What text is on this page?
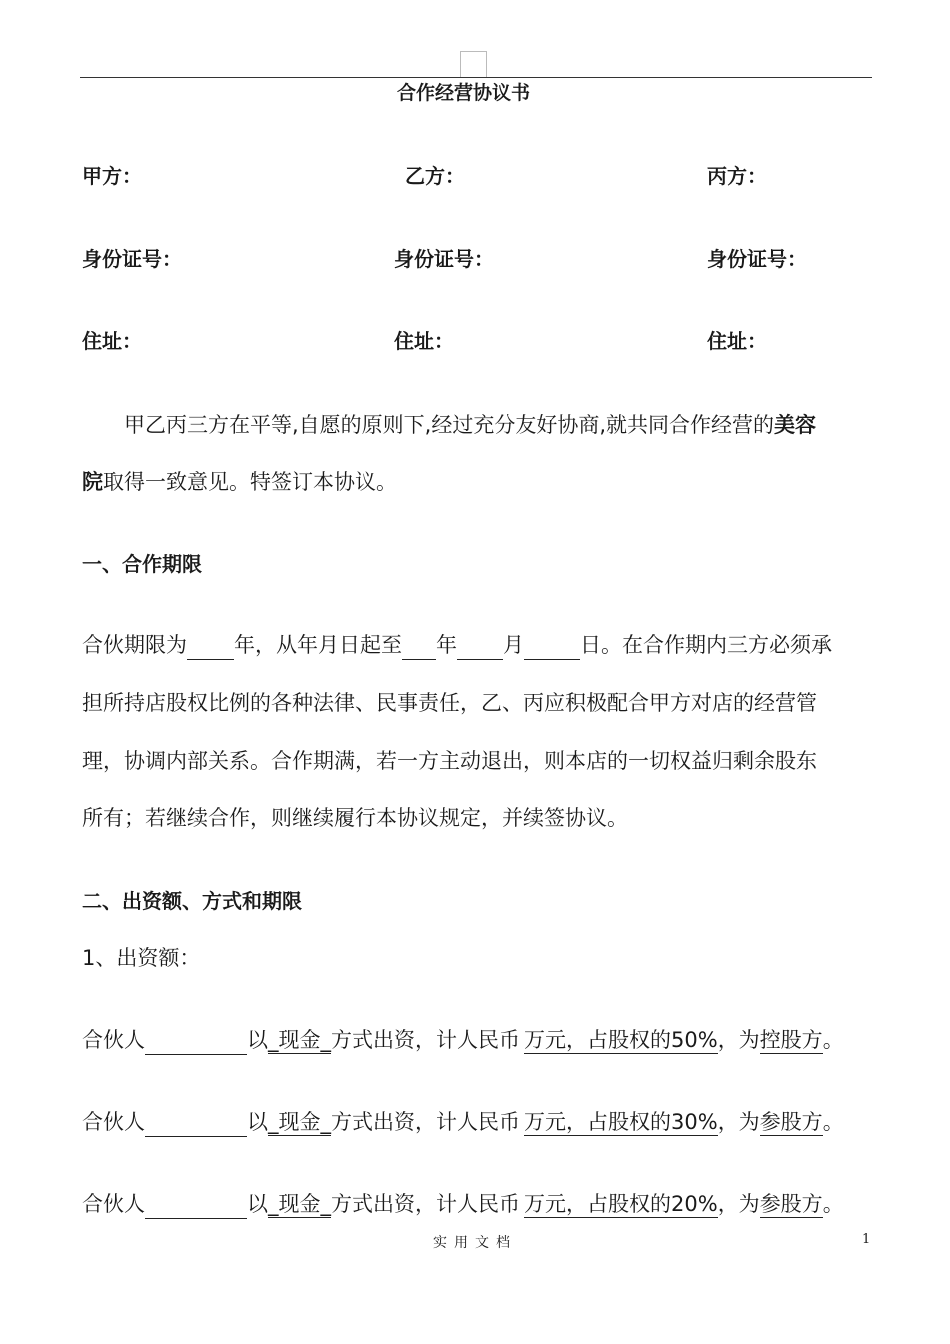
合作经营协议书
甲方：	乙方：	丙方：
身份证号：	身份证号：	身份证号：
住址：	住址：	住址：
甲乙丙三方在平等,自愿的原则下,经过充分友好协商,就共同合作经营的美容
院取得一致意见。特签订本协议。
一、合作期限
合伙期限为 年，从年月日起至 年 月	日。在合作期内三方必须承
担所持店股权比例的各种法律、民事责任，乙、丙应积极配合甲方对店的经营管
理，协调内部关系。合作期满，若一方主动退出，则本店的一切权益归剩余股东
所有；若继续合作，则继续履行本协议规定，并续签协议。
二、出资额、方式和期限
1、出资额：
合伙人	以_现金_方式出资，计人民币 万元，占股权的50%，为控股方。
合伙人	以_现金_方式出资，计人民币 万元，占股权的30%，为参股方。
合伙人	以_现金_方式出资，计人民币 万元，占股权的20%，为参股方。
实用文档	1
